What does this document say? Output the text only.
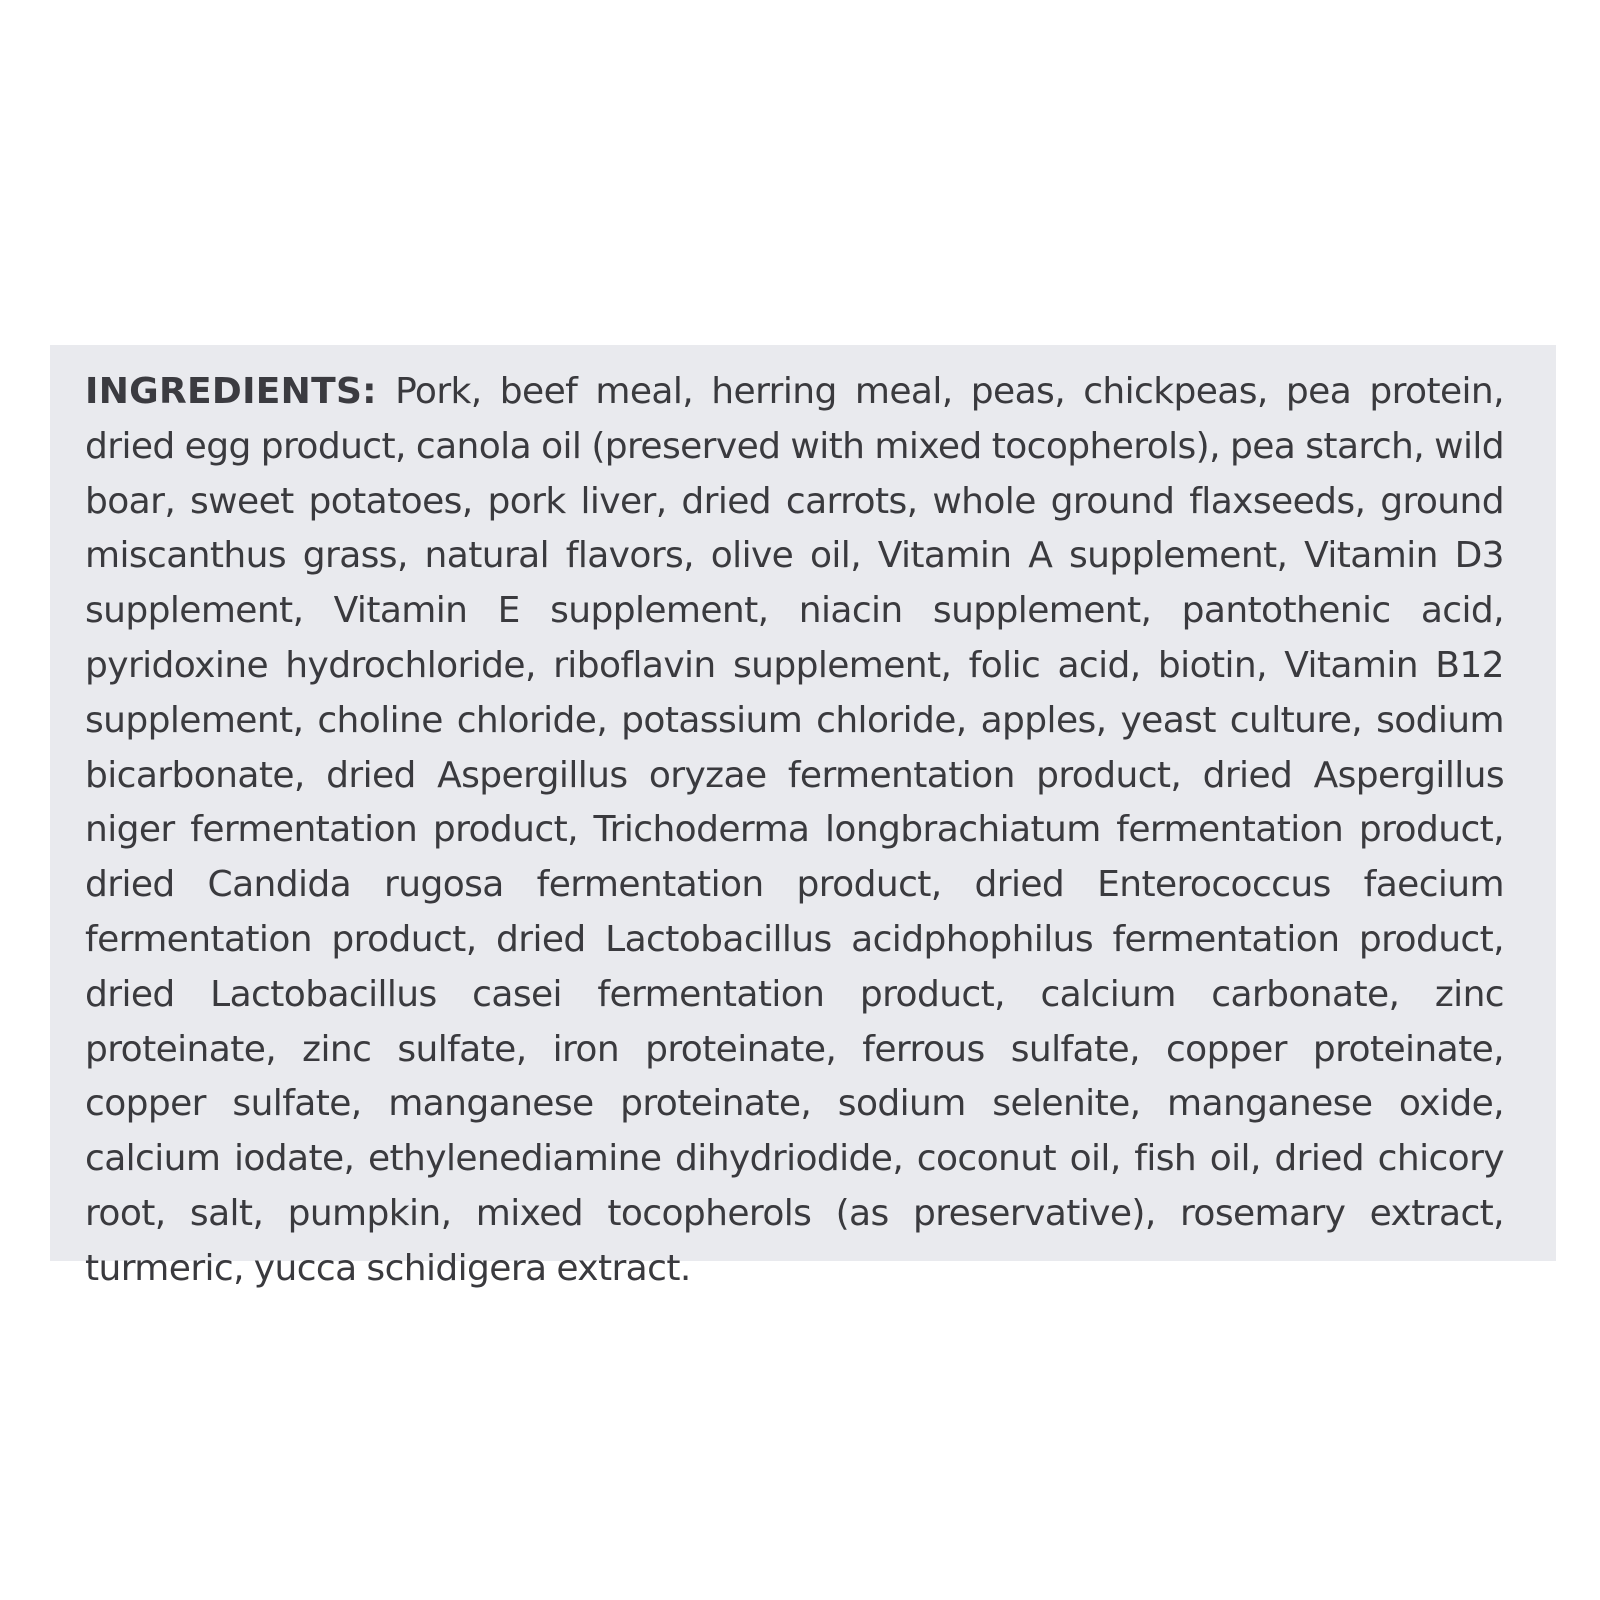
INGREDIENTS: Pork, beef meal, herring meal, peas, chickpeas, pea protein, dried egg product, canola oil (preserved with mixed tocopherols), pea starch, wild boar, sweet potatoes, pork liver, dried carrots, whole ground flaxseeds, ground miscanthus grass, natural flavors, olive oil, Vitamin A supplement, Vitamin D3 supplement, Vitamin E supplement, niacin supplement, pantothenic acid, pyridoxine hydrochloride, riboflavin supplement, folic acid, biotin, Vitamin B12 supplement, choline chloride, potassium chloride, apples, yeast culture, sodium bicarbonate, dried Aspergillus oryzae fermentation product, dried Aspergillus niger fermentation product, Trichoderma longbrachiatum fermentation product, dried Candida rugosa fermentation product, dried Enterococcus faecium fermentation product, dried Lactobacillus acidphophilus fermentation product, dried Lactobacillus casei fermentation product, calcium carbonate, zinc proteinate, zinc sulfate, iron proteinate, ferrous sulfate, copper proteinate, copper sulfate, manganese proteinate, sodium selenite, manganese oxide, calcium iodate, ethylenediamine dihydriodide, coconut oil, fish oil, dried chicory root, salt, pumpkin, mixed tocopherols (as preservative), rosemary extract, turmeric, yucca schidigera extract.
